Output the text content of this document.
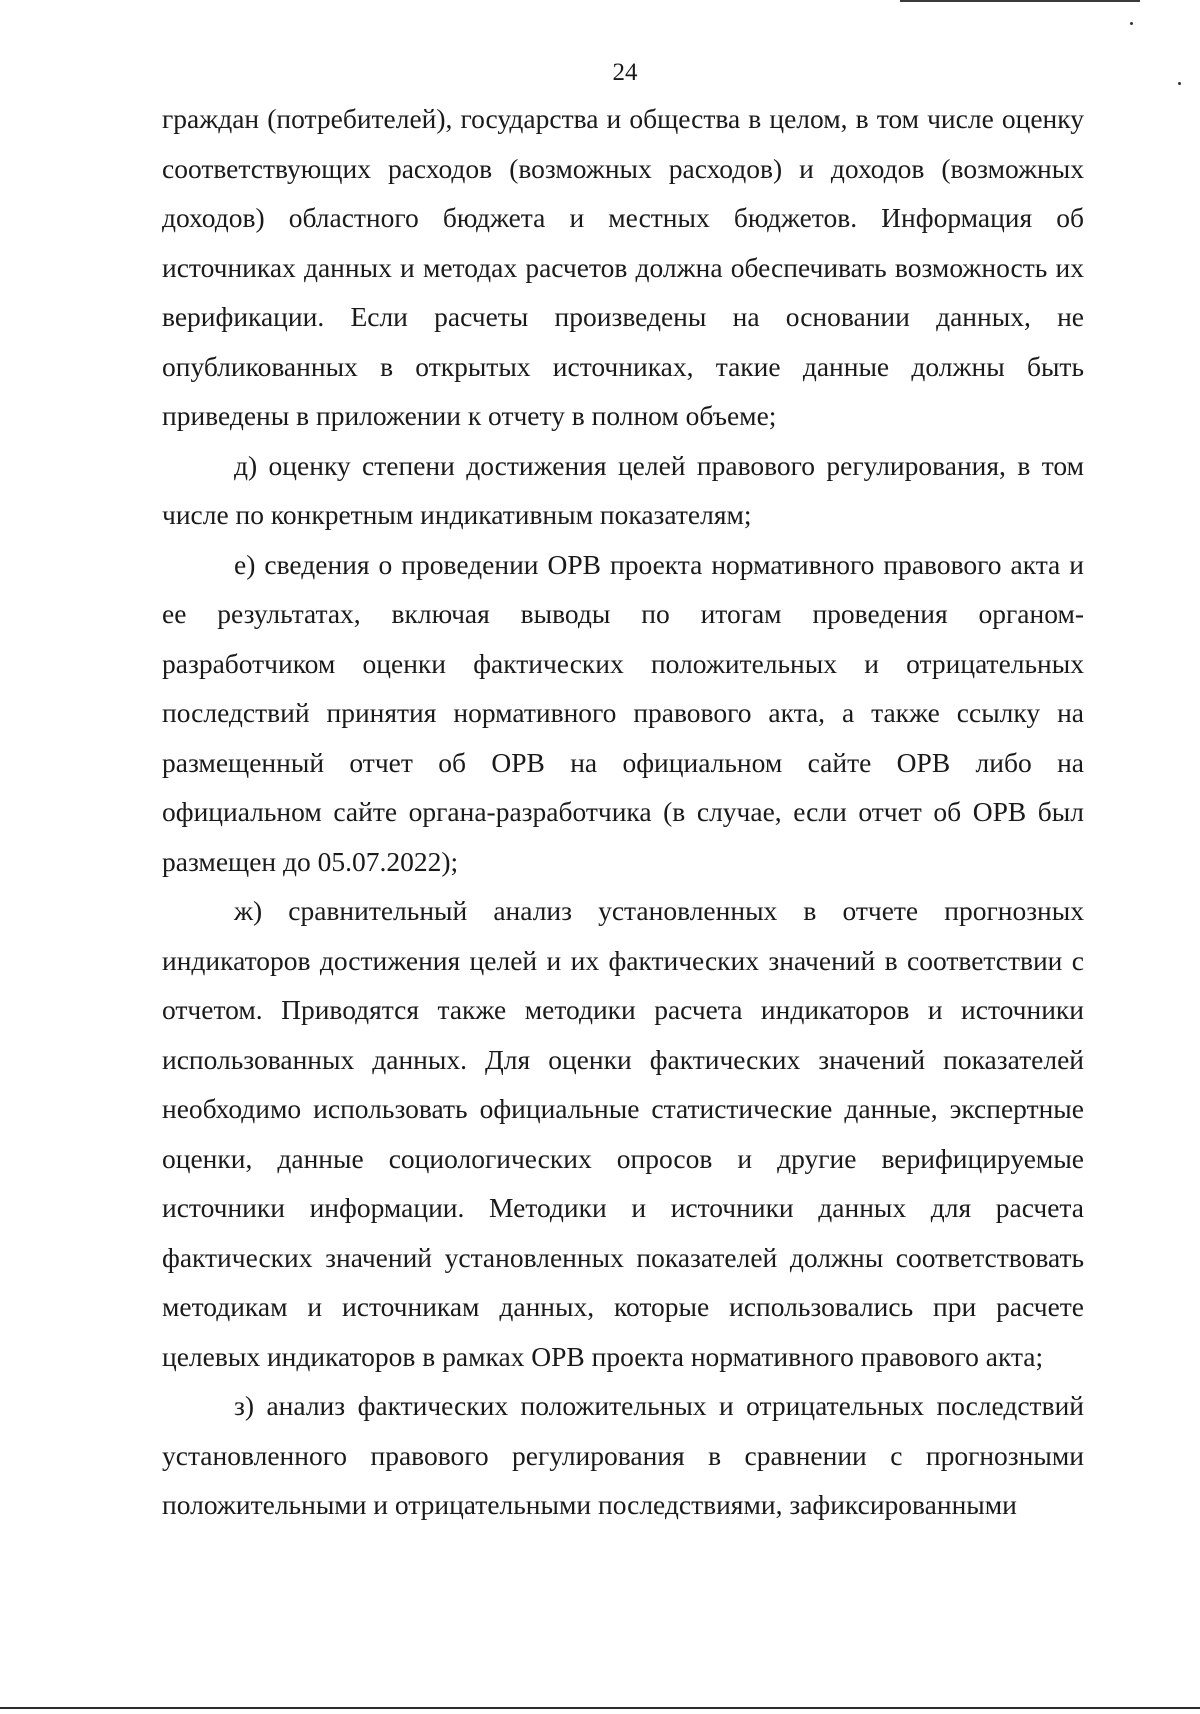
24

граждан (потребителей), государства и общества в целом, в том числе оценку соответствующих расходов (возможных расходов) и доходов (возможных доходов) областного бюджета и местных бюджетов. Информация об источниках данных и методах расчетов должна обеспечивать возможность их верификации. Если расчеты произведены на основании данных, не опубликованных в открытых источниках, такие данные должны быть приведены в приложении к отчету в полном объеме;

д) оценку степени достижения целей правового регулирования, в том числе по конкретным индикативным показателям;

е) сведения о проведении ОРВ проекта нормативного правового акта и ее результатах, включая выводы по итогам проведения органом-разработчиком оценки фактических положительных и отрицательных последствий принятия нормативного правового акта, а также ссылку на размещенный отчет об ОРВ на официальном сайте ОРВ либо на официальном сайте органа-разработчика (в случае, если отчет об ОРВ был размещен до 05.07.2022);

ж) сравнительный анализ установленных в отчете прогнозных индикаторов достижения целей и их фактических значений в соответствии с отчетом. Приводятся также методики расчета индикаторов и источники использованных данных. Для оценки фактических значений показателей необходимо использовать официальные статистические данные, экспертные оценки, данные социологических опросов и другие верифицируемые источники информации. Методики и источники данных для расчета фактических значений установленных показателей должны соответствовать методикам и источникам данных, которые использовались при расчете целевых индикаторов в рамках ОРВ проекта нормативного правового акта;

з) анализ фактических положительных и отрицательных последствий установленного правового регулирования в сравнении с прогнозными положительными и отрицательными последствиями, зафиксированными
